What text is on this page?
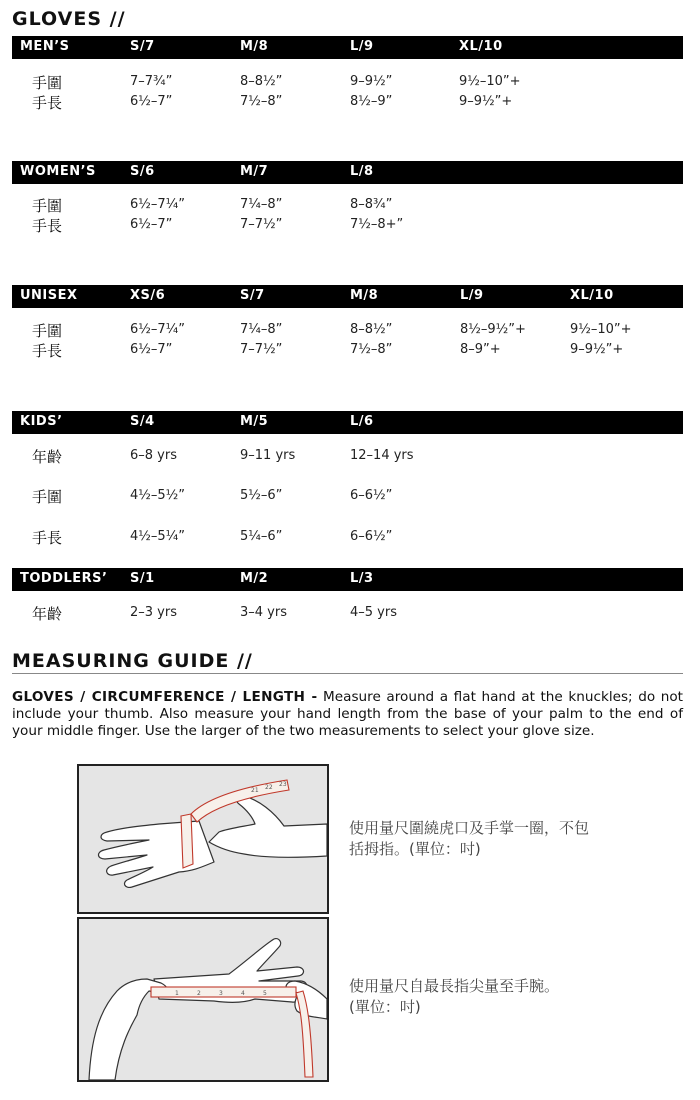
GLOVES //
MEN’S	S/7	M/8	L/9	XL/10
手圍	7–7¾”	8–8½”	9–9½”	9½–10”+
手長	6½–7”	7½–8”	8½–9”	9–9½”+
WOMEN’S	S/6	M/7	L/8
手圍	6½–7¼”	7¼–8”	8–8¾”
手長	6½–7”	7–7½”	7½–8+”
UNISEX	XS/6	S/7	M/8	L/9	XL/10
手圍	6½–7¼”	7¼–8”	8–8½”	8½–9½”+	9½–10”+
手長	6½–7”	7–7½”	7½–8”	8–9”+	9–9½”+
KIDS’	S/4	M/5	L/6
年齡	6–8 yrs	9–11 yrs	12–14 yrs
手圍	4½–5½”	5½–6”	6–6½”
手長	4½–5¼”	5¼–6”	6–6½”
TODDLERS’ S/1	M/2	L/3
年齡	2–3 yrs	3–4 yrs	4–5 yrs
MEASURING GUIDE //

GLOVES / CIRCUMFERENCE / LENGTH - Measure around a flat hand at the knuckles; do not include your thumb. Also measure your hand length from the base of your palm to the end of your middle finger. Use the larger of the two measurements to select your glove size.

21 22 23
使用量尺圍繞虎口及手掌一圈，不包
括拇指。(單位：吋)
1	2	3	4	5	使用量尺自最長指尖量至手腕。
(單位：吋)
